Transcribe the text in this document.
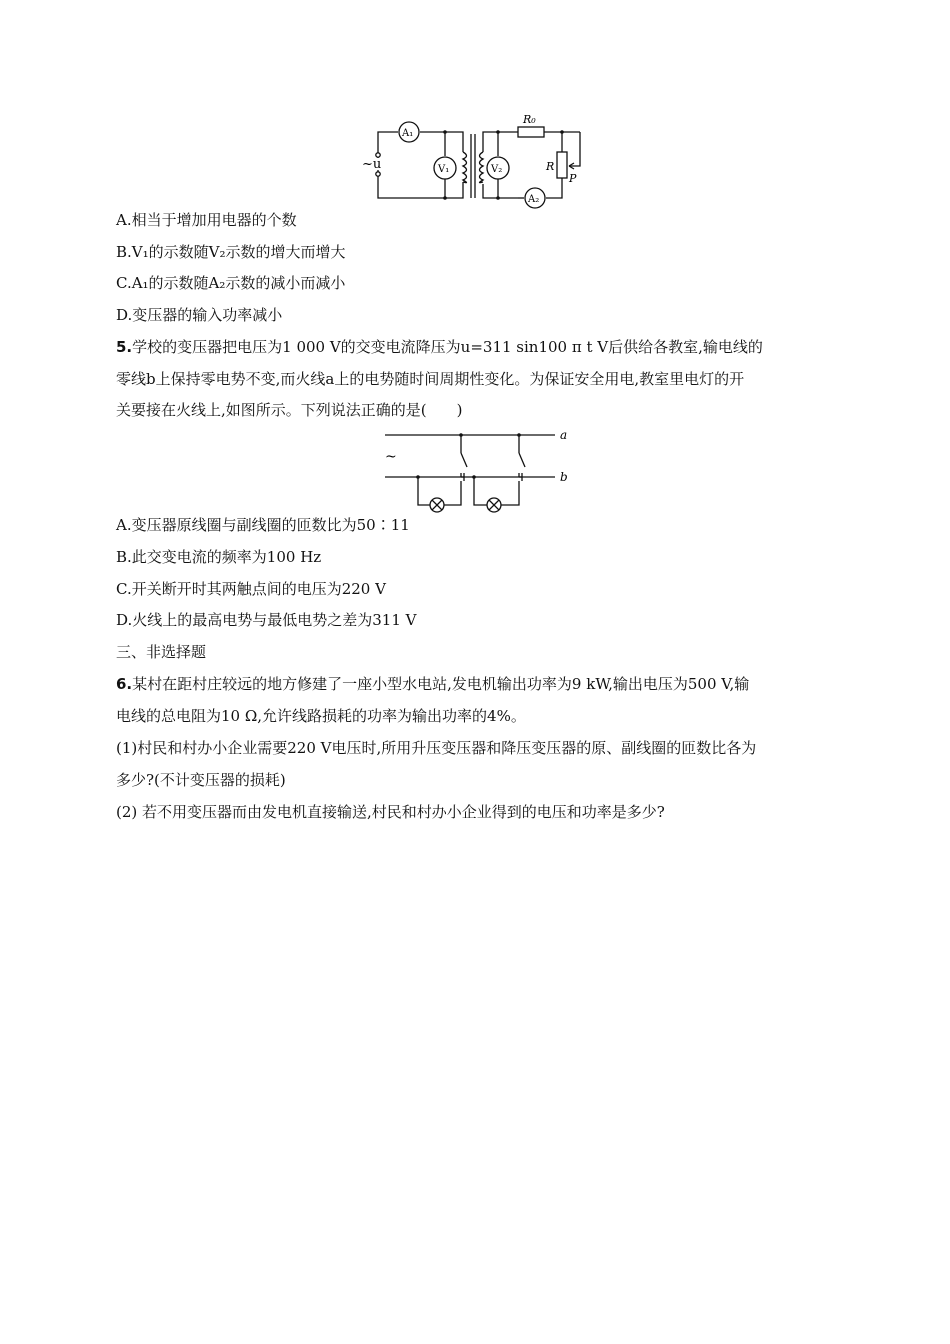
~u
A₁
V₁	V₂
R₀
R
P
A₂
A.相当于增加用电器的个数
B.V₁的示数随V₂示数的增大而增大
C.A₁的示数随A₂示数的减小而减小
D.变压器的输入功率减小
5.学校的变压器把电压为1 000 V的交变电流降压为u=311 sin100 π t V后供给各教室,输电线的
零线b上保持零电势不变,而火线a上的电势随时间周期性变化。为保证安全用电,教室里电灯的开
关要接在火线上,如图所示。下列说法正确的是(　　)
~
a
b
A.变压器原线圈与副线圈的匝数比为50∶11
B.此交变电流的频率为100 Hz
C.开关断开时其两触点间的电压为220 V
D.火线上的最高电势与最低电势之差为311 V
三、非选择题
6.某村在距村庄较远的地方修建了一座小型水电站,发电机输出功率为9 kW,输出电压为500 V,输
电线的总电阻为10 Ω,允许线路损耗的功率为输出功率的4%。
(1)村民和村办小企业需要220 V电压时,所用升压变压器和降压变压器的原、副线圈的匝数比各为
多少?(不计变压器的损耗)
(2) 若不用变压器而由发电机直接输送,村民和村办小企业得到的电压和功率是多少?
